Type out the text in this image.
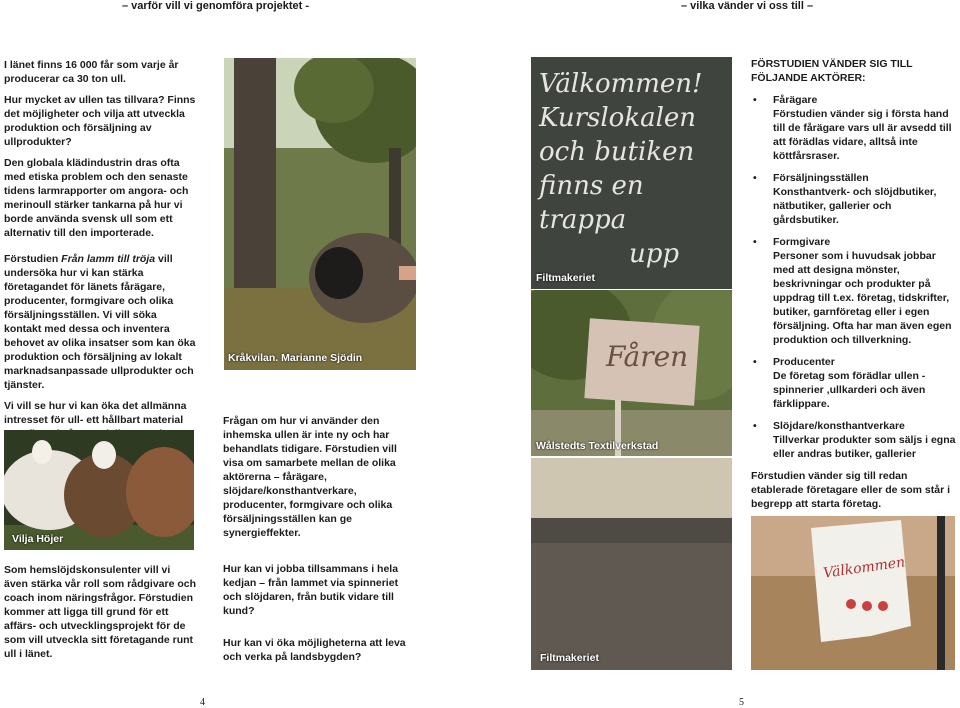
– varför vill vi genomföra projektet -	– vilka vänder vi oss till –

I länet finns 16 000 får som varje år producerar ca 30 ton ull.

Hur mycket av ullen tas tillvara? Finns det möjligheter och vilja att utveckla produktion och försäljning av ullprodukter?

Den globala klädindustrin dras ofta med etiska problem och den senaste tidens larmrapporter om angora- och merinoull stärker tankarna på hur vi borde använda svensk ull som ett alternativ till den importerade.

Förstudien Från lamm till tröja vill undersöka hur vi kan stärka företagandet för länets fårägare, producenter, formgivare och olika försäljningsställen. Vi vill söka kontakt med dessa och inventera behovet av olika insatser som kan öka produktion och försäljning av lokalt marknadsanpassade ullprodukter och tjänster.

Vi vill se hur vi kan öka det allmänna intresset för ull- ett hållbart material

Vilja Höjer

Som hemslöjdskonsulenter vill vi även stärka vår roll som rådgivare och coach inom näringsfrågor. Förstudien kommer att ligga till grund för ett affärs- och utvecklingsprojekt för de som vill utveckla sitt företagande runt ull i länet.

Kråkvilan. Marianne Sjödin

Frågan om hur vi använder den inhemska ullen är inte ny och har behandlats tidigare. Förstudien vill visa om samarbete mellan de olika aktörerna – fårägare, slöjdare/konsthantverkare, producenter, formgivare och olika försäljningsställen kan ge synergieffekter.

Hur kan vi jobba tillsammans i hela kedjan – från lammet via spinneriet och slöjdaren, från butik vidare till kund?

Hur kan vi öka möjligheterna att leva och verka på landsbygden?

Välkommen!
Kurslokalen
och butiken
finns en trappa
upp
Filtmakeriet
Fåren
Wålstedts Textilverkstad
Filtmakeriet
FÖRSTUDIEN VÄNDER SIG TILL FÖLJANDE AKTÖRER:
• Fårägare
Förstudien vänder sig i första hand till de fårägare vars ull är avsedd till att förädlas vidare, alltså inte köttfårsraser.
• Försäljningsställen
Konsthantverk- och slöjdbutiker, nätbutiker, gallerier och gårdsbutiker.
• Formgivare
Personer som i huvudsak jobbar med att designa mönster, beskrivningar och produkter på uppdrag till t.ex. företag, tidskrifter, butiker, garnföretag eller i egen försäljning. Ofta har man även egen produktion och tillverkning.
• Producenter
De företag som förädlar ullen - spinnerier ,ullkarderi och även färklippare.
• Slöjdare/konsthantverkare
Tillverkar produkter som säljs i egna eller andras butiker, gallerier

Förstudien vänder sig till redan etablerade företagare eller de som står i begrepp att starta företag.

Välkommen
4	5
